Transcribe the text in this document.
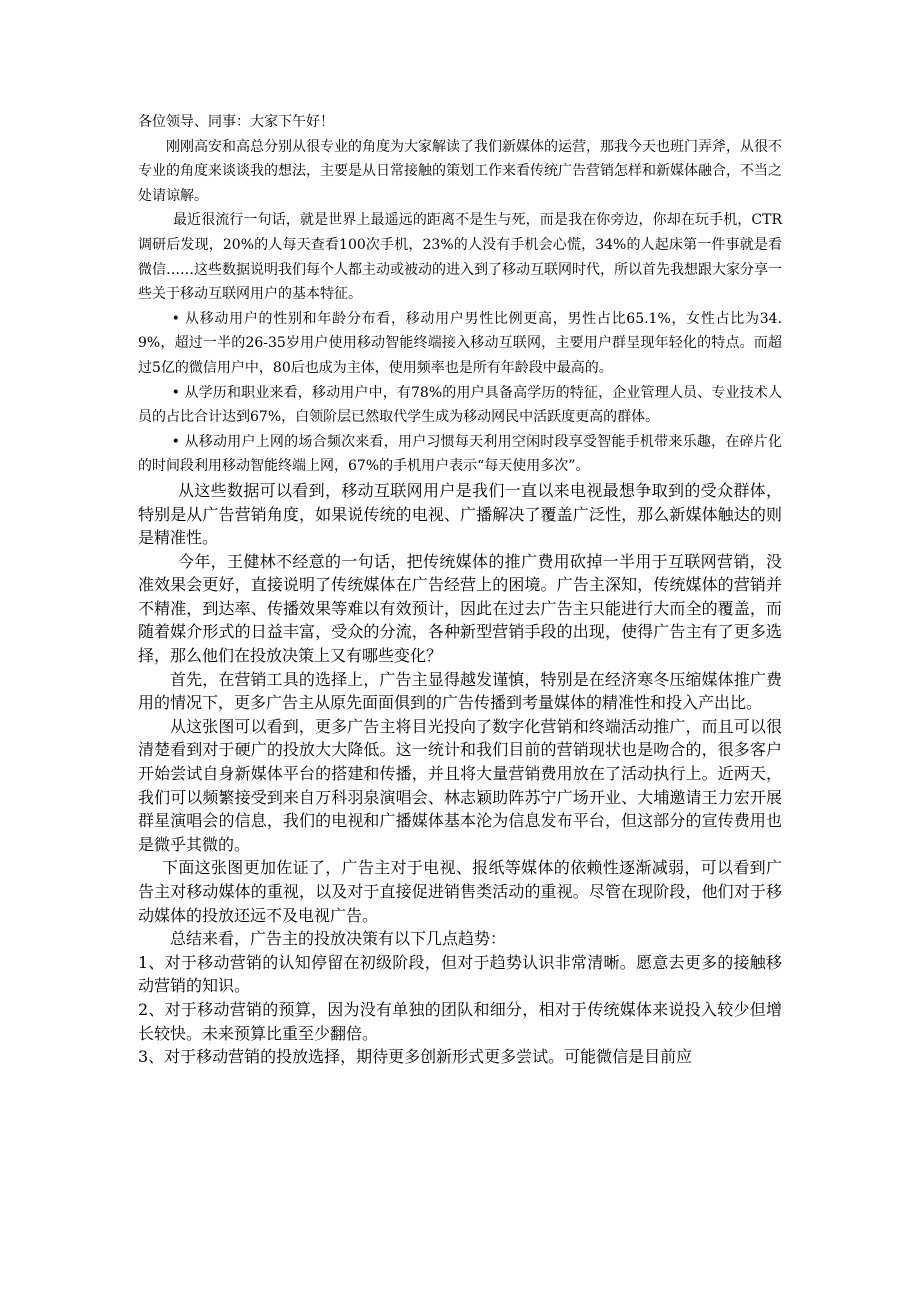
各位领导、同事：大家下午好！

刚刚高安和高总分别从很专业的角度为大家解读了我们新媒体的运营，那我今天也班门弄斧，从很不专业的角度来谈谈我的想法，主要是从日常接触的策划工作来看传统广告营销怎样和新媒体融合，不当之处请谅解。

最近很流行一句话，就是世界上最遥远的距离不是生与死，而是我在你旁边，你却在玩手机，CTR调研后发现，20%的人每天查看100次手机，23%的人没有手机会心慌，34%的人起床第一件事就是看微信……这些数据说明我们每个人都主动或被动的进入到了移动互联网时代，所以首先我想跟大家分享一些关于移动互联网用户的基本特征。

• 从移动用户的性别和年龄分布看，移动用户男性比例更高，男性占比65.1%，女性占比为34.9%，超过一半的26-35岁用户使用移动智能终端接入移动互联网，主要用户群呈现年轻化的特点。而超过5亿的微信用户中，80后也成为主体，使用频率也是所有年龄段中最高的。

• 从学历和职业来看，移动用户中，有78%的用户具备高学历的特征，企业管理人员、专业技术人员的占比合计达到67%，白领阶层已然取代学生成为移动网民中活跃度更高的群体。

• 从移动用户上网的场合频次来看，用户习惯每天利用空闲时段享受智能手机带来乐趣，在碎片化的时间段利用移动智能终端上网，67%的手机用户表示“每天使用多次”。

从这些数据可以看到，移动互联网用户是我们一直以来电视最想争取到的受众群体，特别是从广告营销角度，如果说传统的电视、广播解决了覆盖广泛性，那么新媒体触达的则是精准性。

今年，王健林不经意的一句话，把传统媒体的推广费用砍掉一半用于互联网营销，没准效果会更好，直接说明了传统媒体在广告经营上的困境。广告主深知，传统媒体的营销并不精准，到达率、传播效果等难以有效预计，因此在过去广告主只能进行大而全的覆盖，而随着媒介形式的日益丰富，受众的分流，各种新型营销手段的出现，使得广告主有了更多选择，那么他们在投放决策上又有哪些变化？

首先，在营销工具的选择上，广告主显得越发谨慎，特别是在经济寒冬压缩媒体推广费用的情况下，更多广告主从原先面面俱到的广告传播到考量媒体的精准性和投入产出比。

从这张图可以看到，更多广告主将目光投向了数字化营销和终端活动推广，而且可以很清楚看到对于硬广的投放大大降低。这一统计和我们目前的营销现状也是吻合的，很多客户开始尝试自身新媒体平台的搭建和传播，并且将大量营销费用放在了活动执行上。近两天，我们可以频繁接受到来自万科羽泉演唱会、林志颖助阵苏宁广场开业、大埔邀请王力宏开展群星演唱会的信息，我们的电视和广播媒体基本沦为信息发布平台，但这部分的宣传费用也是微乎其微的。

下面这张图更加佐证了，广告主对于电视、报纸等媒体的依赖性逐渐减弱，可以看到广告主对移动媒体的重视，以及对于直接促进销售类活动的重视。尽管在现阶段，他们对于移动媒体的投放还远不及电视广告。

总结来看，广告主的投放决策有以下几点趋势：

1、对于移动营销的认知停留在初级阶段，但对于趋势认识非常清晰。愿意去更多的接触移动营销的知识。

2、对于移动营销的预算，因为没有单独的团队和细分，相对于传统媒体来说投入较少但增长较快。未来预算比重至少翻倍。

3、对于移动营销的投放选择，期待更多创新形式更多尝试。可能微信是目前应
